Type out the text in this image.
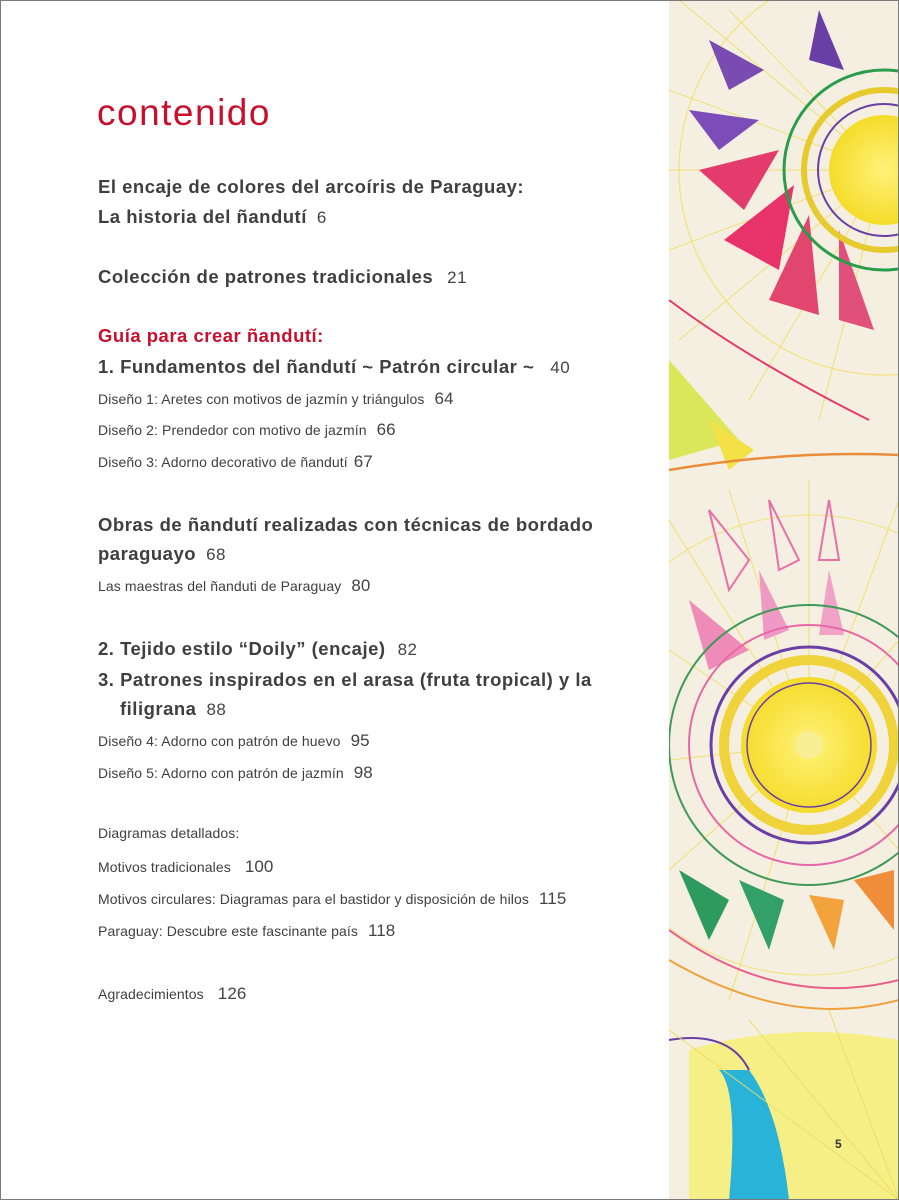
contenido
El encaje de colores del arcoíris de Paraguay:
La historia del ñandutí 6
Colección de patrones tradicionales 21
Guía para crear ñandutí:
1. Fundamentos del ñandutí ~ Patrón circular ~ 40
Diseño 1: Aretes con motivos de jazmín y triángulos 64
Diseño 2: Prendedor con motivo de jazmín 66
Diseño 3: Adorno decorativo de ñandutí 67
Obras de ñandutí realizadas con técnicas de bordado
paraguayo 68
Las maestras del ñanduti de Paraguay 80
2. Tejido estilo “Doily” (encaje) 82
3. Patrones inspirados en el arasa (fruta tropical) y la
filigrana 88
Diseño 4: Adorno con patrón de huevo 95
Diseño 5: Adorno con patrón de jazmín 98
Diagramas detallados:
Motivos tradicionales 100
Motivos circulares: Diagramas para el bastidor y disposición de hilos 115
Paraguay: Descubre este fascinante país 118
Agradecimientos 126
5
